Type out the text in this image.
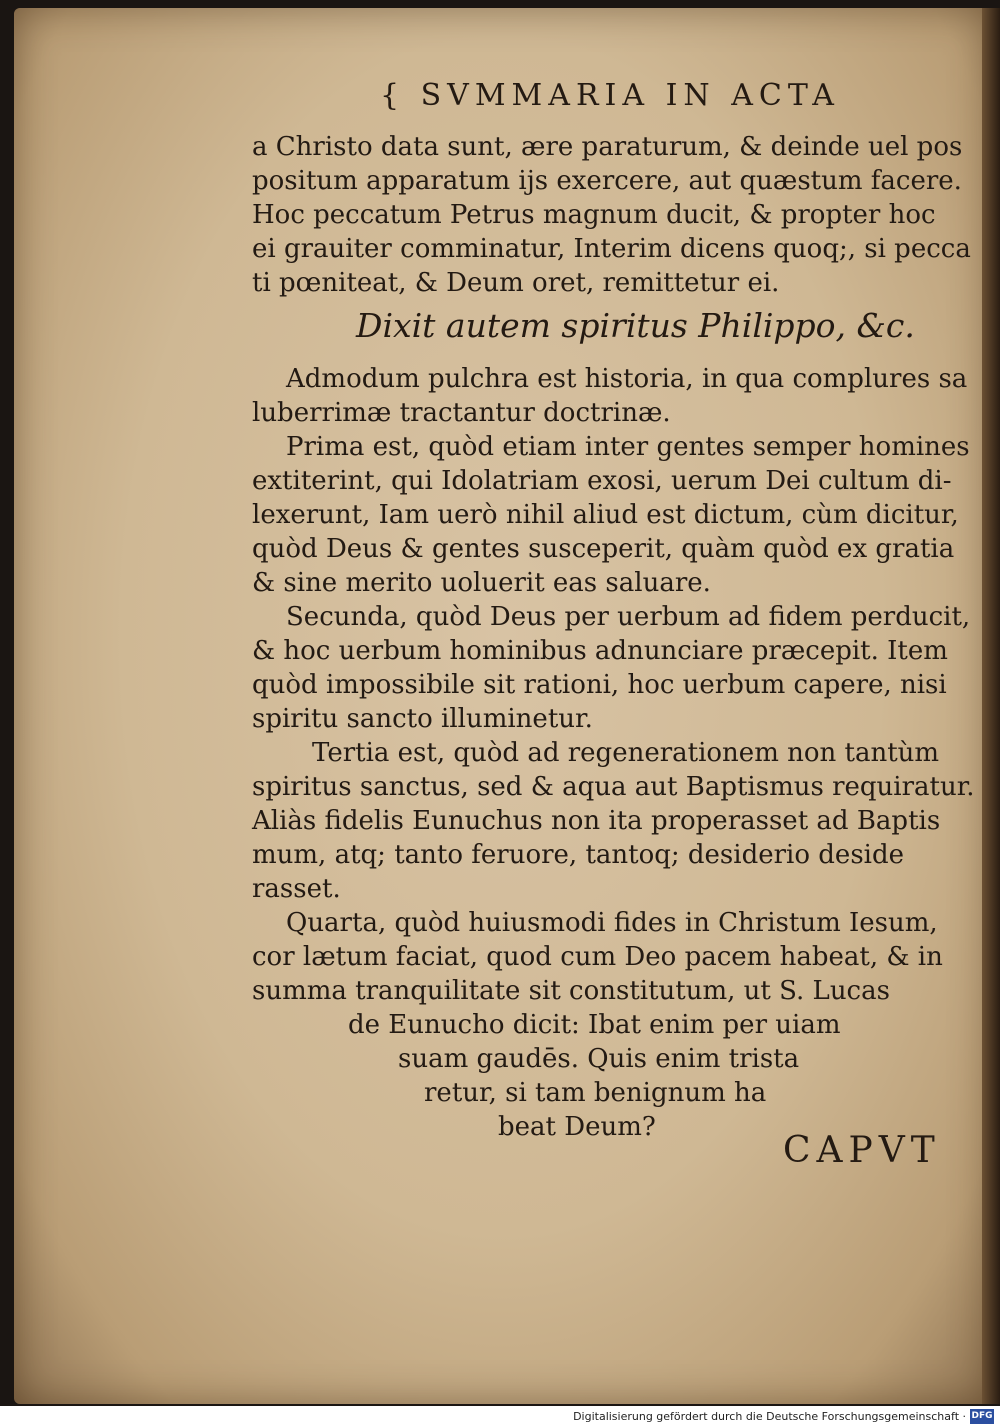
{ SVMMARIA IN ACTA
a Christo data sunt, ære paraturum, & deinde uel pos
positum apparatum ijs exercere, aut quæstum facere.
Hoc peccatum Petrus magnum ducit, & propter hoc
ei grauiter comminatur, Interim dicens quoq;, si pecca
ti pœniteat, & Deum oret, remittetur ei.
Dixit autem spiritus Philippo, &c.
Admodum pulchra est historia, in qua complures sa
luberrimæ tractantur doctrinæ.
Prima est, quòd etiam inter gentes semper homines
extiterint, qui Idolatriam exosi, uerum Dei cultum di-
lexerunt, Iam uerò nihil aliud est dictum, cùm dicitur,
quòd Deus & gentes susceperit, quàm quòd ex gratia
& sine merito uoluerit eas saluare.
Secunda, quòd Deus per uerbum ad fidem perducit,
& hoc uerbum hominibus adnunciare præcepit. Item
quòd impossibile sit rationi, hoc uerbum capere, nisi
spiritu sancto illuminetur.
Tertia est, quòd ad regenerationem non tantùm
spiritus sanctus, sed & aqua aut Baptismus requiratur.
Aliàs fidelis Eunuchus non ita properasset ad Baptis
mum, atq; tanto feruore, tantoq; desiderio deside
rasset.
Quarta, quòd huiusmodi fides in Christum Iesum,
cor lætum faciat, quod cum Deo pacem habeat, & in
summa tranquilitate sit constitutum, ut S. Lucas
de Eunucho dicit: Ibat enim per uiam
suam gaudēs. Quis enim trista
retur, si tam benignum ha
beat Deum?
CAPVT
Digitalisierung gefördert durch die Deutsche Forschungsgemeinschaft · DFG
